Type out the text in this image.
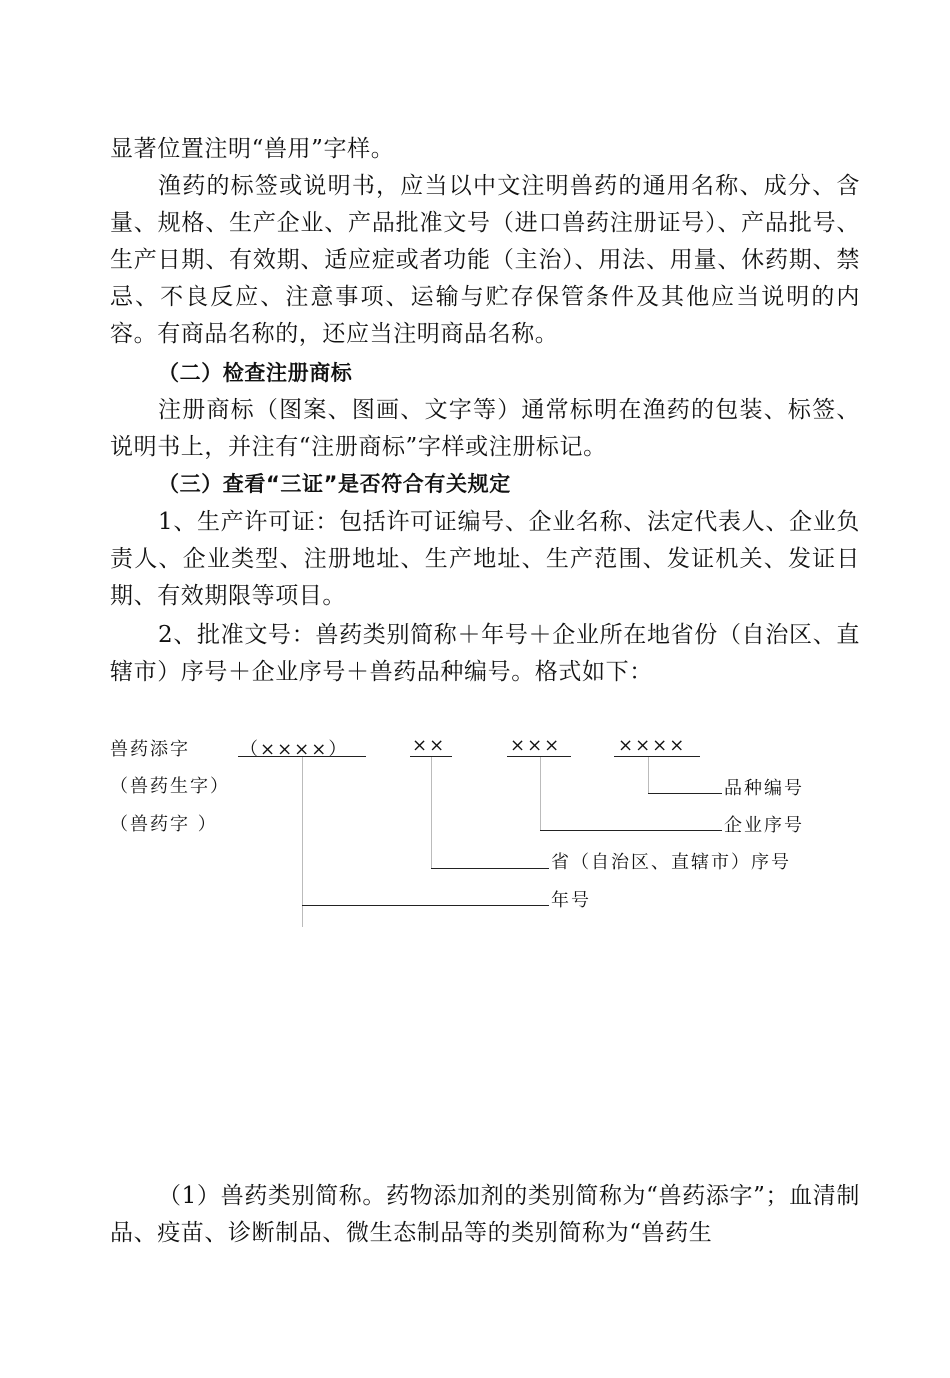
显著位置注明“兽用”字样。

渔药的标签或说明书，应当以中文注明兽药的通用名称、成分、含量、规格、生产企业、产品批准文号（进口兽药注册证号）、产品批号、生产日期、有效期、适应症或者功能（主治）、用法、用量、休药期、禁忌、不良反应、注意事项、运输与贮存保管条件及其他应当说明的内容。有商品名称的，还应当注明商品名称。

（二）检查注册商标

注册商标（图案、图画、文字等）通常标明在渔药的包装、标签、说明书上，并注有“注册商标”字样或注册标记。

（三）查看“三证”是否符合有关规定

1、生产许可证：包括许可证编号、企业名称、法定代表人、企业负责人、企业类型、注册地址、生产地址、生产范围、发证机关、发证日期、有效期限等项目。

2、批准文号：兽药类别简称＋年号＋企业所在地省份（自治区、直辖市）序号＋企业序号＋兽药品种编号。格式如下：

兽药添字
（兽药生字）
（兽药字 ）
（××××）	××	×××	××××
品种编号
企业序号
省（自治区、直辖市）序号
年号

（1）兽药类别简称。药物添加剂的类别简称为“兽药添字”；血清制品、疫苗、诊断制品、微生态制品等的类别简称为“兽药生
